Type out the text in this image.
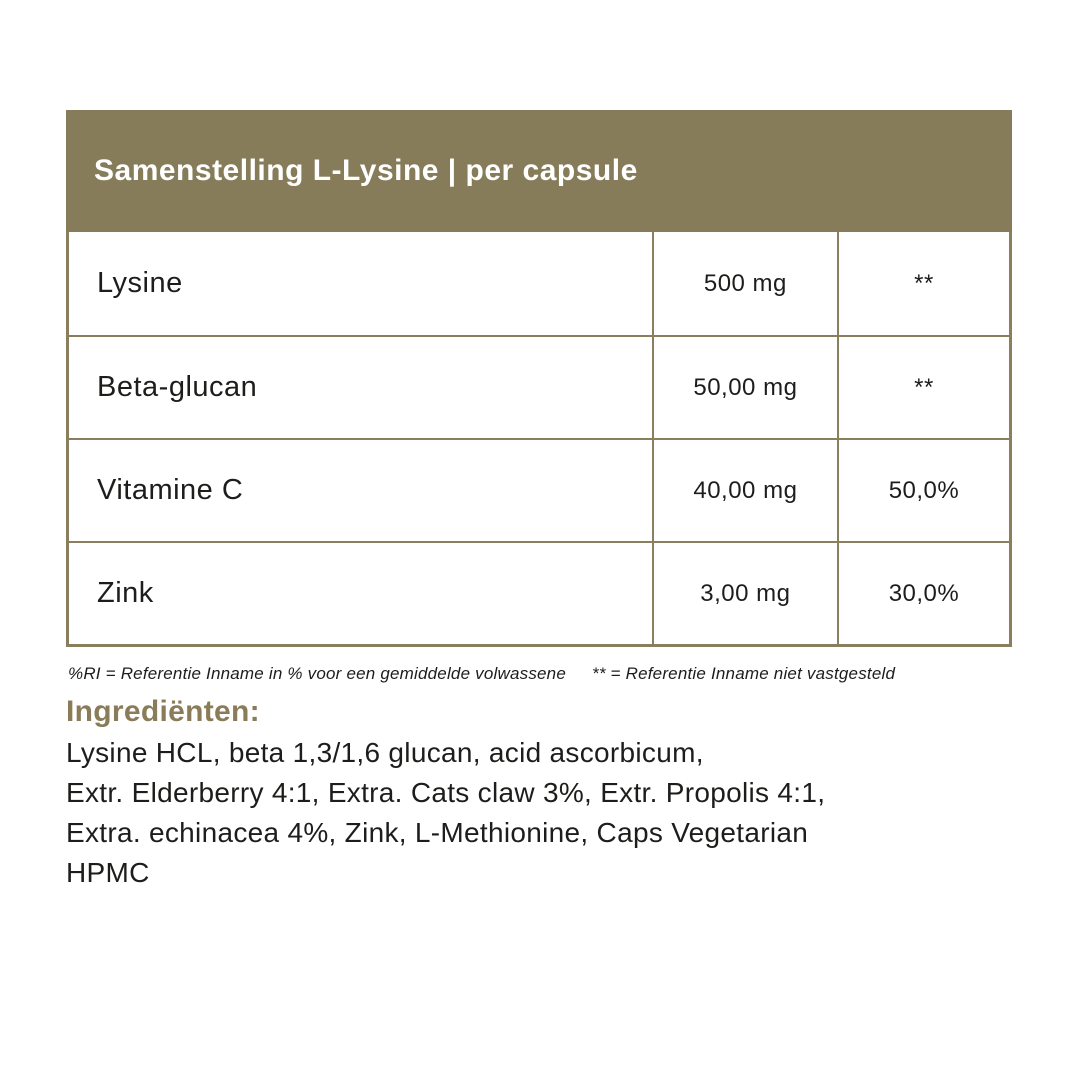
Samenstelling L-Lysine | per capsule
Lysine	500 mg	**
Beta-glucan	50,00 mg	**
Vitamine C	40,00 mg	50,0%
Zink	3,00 mg	30,0%
%RI = Referentie Inname in % voor een gemiddelde volwassene ** = Referentie Inname niet vastgesteld
Ingrediënten:
Lysine HCL, beta 1,3/1,6 glucan, acid ascorbicum,
Extr. Elderberry 4:1, Extra. Cats claw 3%, Extr. Propolis 4:1,
Extra. echinacea 4%, Zink, L-Methionine, Caps Vegetarian
HPMC
